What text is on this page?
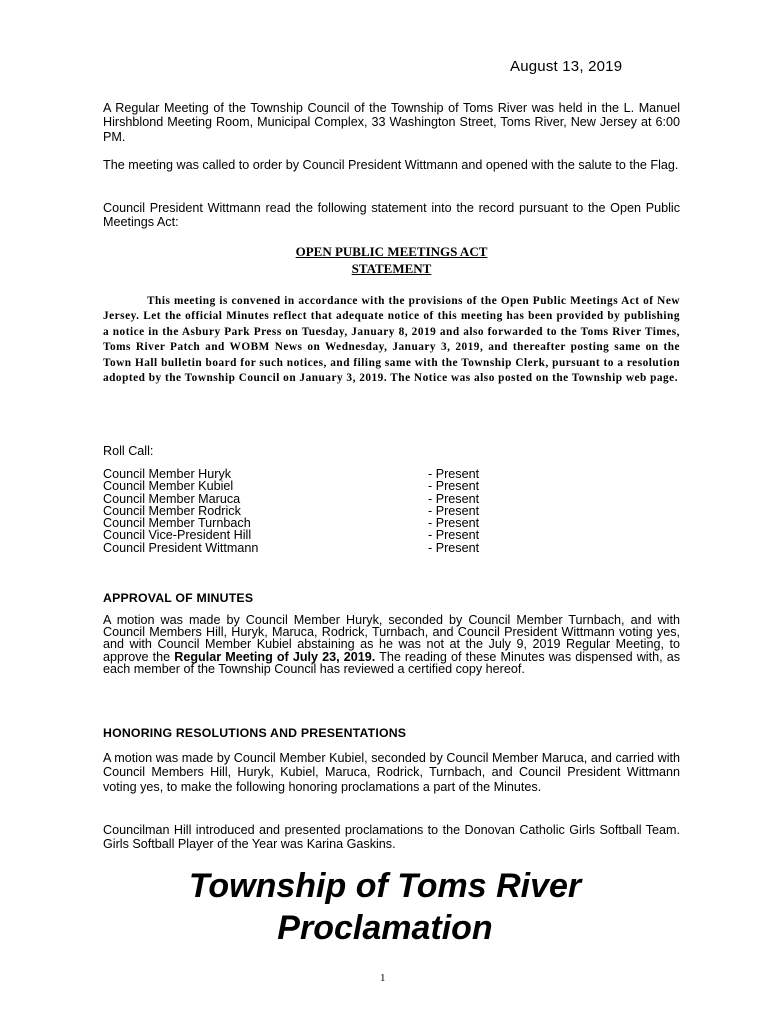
August 13, 2019

A Regular Meeting of the Township Council of the Township of Toms River was held in the L. Manuel Hirshblond Meeting Room, Municipal Complex, 33 Washington Street, Toms River, New Jersey at 6:00 PM.

The meeting was called to order by Council President Wittmann and opened with the salute to the Flag.

Council President Wittmann read the following statement into the record pursuant to the Open Public Meetings Act:

OPEN PUBLIC MEETINGS ACT

STATEMENT

This meeting is convened in accordance with the provisions of the Open Public Meetings Act of New Jersey. Let the official Minutes reflect that adequate notice of this meeting has been provided by publishing a notice in the Asbury Park Press on Tuesday, January 8, 2019 and also forwarded to the Toms River Times, Toms River Patch and WOBM News on Wednesday, January 3, 2019, and thereafter posting same on the Town Hall bulletin board for such notices, and filing same with the Township Clerk, pursuant to a resolution adopted by the Township Council on January 3, 2019. The Notice was also posted on the Township web page.

Roll Call:
Council Member Huryk	- Present
Council Member Kubiel	- Present
Council Member Maruca	- Present
Council Member Rodrick	- Present
Council Member Turnbach	- Present
Council Vice-President Hill	- Present
Council President Wittmann	- Present

APPROVAL OF MINUTES

A motion was made by Council Member Huryk, seconded by Council Member Turnbach, and with Council Members Hill, Huryk, Maruca, Rodrick, Turnbach, and Council President Wittmann voting yes, and with Council Member Kubiel abstaining as he was not at the July 9, 2019 Regular Meeting, to approve the Regular Meeting of July 23, 2019. The reading of these Minutes was dispensed with, as each member of the Township Council has reviewed a certified copy hereof.

HONORING RESOLUTIONS AND PRESENTATIONS

A motion was made by Council Member Kubiel, seconded by Council Member Maruca, and carried with Council Members Hill, Huryk, Kubiel, Maruca, Rodrick, Turnbach, and Council President Wittmann voting yes, to make the following honoring proclamations a part of the Minutes.

Councilman Hill introduced and presented proclamations to the Donovan Catholic Girls Softball Team. Girls Softball Player of the Year was Karina Gaskins.

Township of Toms River

Proclamation

1
